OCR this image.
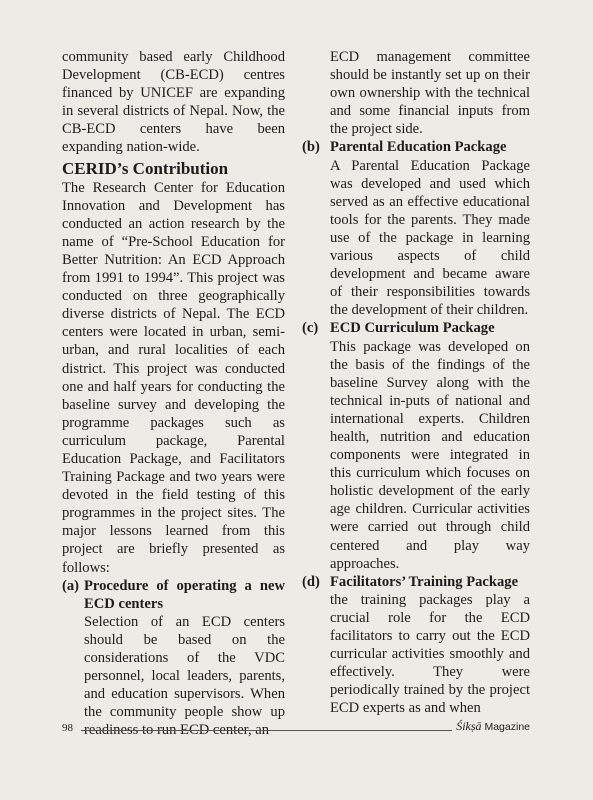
community based early Childhood Development (CB-ECD) centres financed by UNICEF are expanding in several districts of Nepal. Now, the CB-ECD centers have been expanding nation-wide.

CERID’s Contribution

The Research Center for Education Innovation and Development has conducted an action research by the name of “Pre-School Education for Better Nutrition: An ECD Approach from 1991 to 1994”. This project was conducted on three geographically diverse districts of Nepal. The ECD centers were located in urban, semi-urban, and rural localities of each district. This project was conducted one and half years for conducting the baseline survey and developing the programme packages such as curriculum package, Parental Education Package, and Facilitators Training Package and two years were devoted in the field testing of this programmes in the project sites. The major lessons learned from this project are briefly presented as follows:

(a) Procedure of operating a new ECD centers

Selection of an ECD centers should be based on the considerations of the VDC personnel, local leaders, parents, and education supervisors. When the community people show up readiness to run ECD center, an

ECD management committee should be instantly set up on their own ownership with the technical and some financial inputs from the project side.

(b) Parental Education Package

A Parental Education Package was developed and used which served as an effective educational tools for the parents. They made use of the package in learning various aspects of child development and became aware of their responsibilities towards the development of their children.

(c) ECD Curriculum Package

This package was developed on the basis of the findings of the baseline Survey along with the technical in-puts of national and international experts. Children health, nutrition and education components were integrated in this curriculum which focuses on holistic development of the early age children. Curricular activities were carried out through child centered and play way approaches.

(d) Facilitators’ Training Package

the training packages play a crucial role for the ECD facilitators to carry out the ECD curricular activities smoothly and effectively. They were periodically trained by the project ECD experts as and when

98	Śikṣā Magazine
